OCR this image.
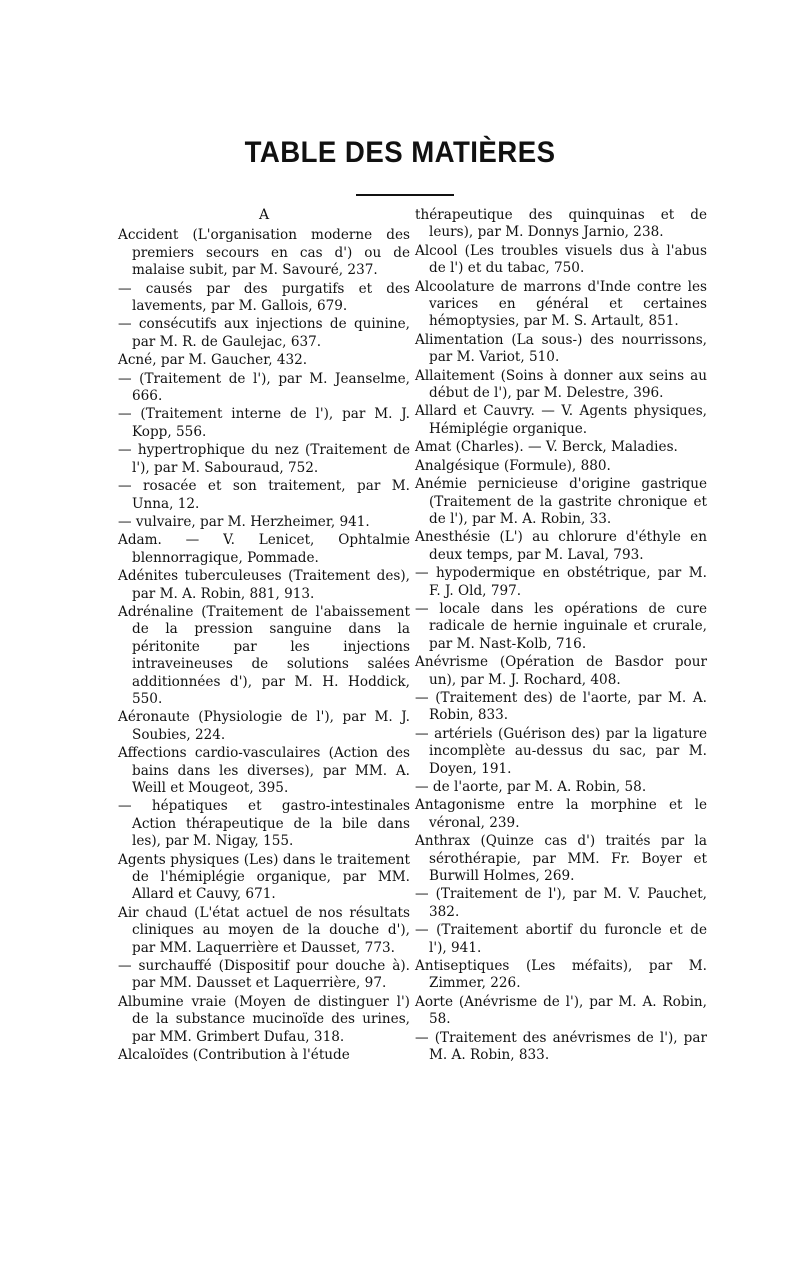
TABLE DES MATIÈRES
A
Accident (L'organisation moderne des premiers secours en cas d') ou de malaise subit, par M. Savouré, 237.
— causés par des purgatifs et des lavements, par M. Gallois, 679.
— consécutifs aux injections de quinine, par M. R. de Gaulejac, 637.
Acné, par M. Gaucher, 432.
— (Traitement de l'), par M. Jeanselme, 666.
— (Traitement interne de l'), par M. J. Kopp, 556.
— hypertrophique du nez (Traitement de l'), par M. Sabouraud, 752.
— rosacée et son traitement, par M. Unna, 12.
— vulvaire, par M. Herzheimer, 941.
Adam. — V. Lenicet, Ophtalmie blennorragique, Pommade.
Adénites tuberculeuses (Traitement des), par M. A. Robin, 881, 913.
Adrénaline (Traitement de l'abaissement de la pression sanguine dans la péritonite par les injections intraveineuses de solutions salées additionnées d'), par M. H. Hoddick, 550.
Aéronaute (Physiologie de l'), par M. J. Soubies, 224.
Affections cardio-vasculaires (Action des bains dans les diverses), par MM. A. Weill et Mougeot, 395.
— hépatiques et gastro-intestinales Action thérapeutique de la bile dans les), par M. Nigay, 155.
Agents physiques (Les) dans le traitement de l'hémiplégie organique, par MM. Allard et Cauvy, 671.
Air chaud (L'état actuel de nos résultats cliniques au moyen de la douche d'), par MM. Laquerrière et Dausset, 773.
— surchauffé (Dispositif pour douche à). par MM. Dausset et Laquerrière, 97.
Albumine vraie (Moyen de distinguer l') de la substance mucinoïde des urines, par MM. Grimbert Dufau, 318.
Alcaloïdes (Contribution à l'étude
thérapeutique des quinquinas et de leurs), par M. Donnys Jarnio, 238.
Alcool (Les troubles visuels dus à l'abus de l') et du tabac, 750.
Alcoolature de marrons d'Inde contre les varices en général et certaines hémoptysies, par M. S. Artault, 851.
Alimentation (La sous-) des nourrissons, par M. Variot, 510.
Allaitement (Soins à donner aux seins au début de l'), par M. Delestre, 396.
Allard et Cauvry. — V. Agents physiques, Hémiplégie organique.
Amat (Charles). — V. Berck, Maladies.
Analgésique (Formule), 880.
Anémie pernicieuse d'origine gastrique (Traitement de la gastrite chronique et de l'), par M. A. Robin, 33.
Anesthésie (L') au chlorure d'éthyle en deux temps, par M. Laval, 793.
— hypodermique en obstétrique, par M. F. J. Old, 797.
— locale dans les opérations de cure radicale de hernie inguinale et crurale, par M. Nast-Kolb, 716.
Anévrisme (Opération de Basdor pour un), par M. J. Rochard, 408.
— (Traitement des) de l'aorte, par M. A. Robin, 833.
— artériels (Guérison des) par la ligature incomplète au-dessus du sac, par M. Doyen, 191.
— de l'aorte, par M. A. Robin, 58.
Antagonisme entre la morphine et le véronal, 239.
Anthrax (Quinze cas d') traités par la sérothérapie, par MM. Fr. Boyer et Burwill Holmes, 269.
— (Traitement de l'), par M. V. Pauchet, 382.
— (Traitement abortif du furoncle et de l'), 941.
Antiseptiques (Les méfaits), par M. Zimmer, 226.
Aorte (Anévrisme de l'), par M. A. Robin, 58.
— (Traitement des anévrismes de l'), par M. A. Robin, 833.
